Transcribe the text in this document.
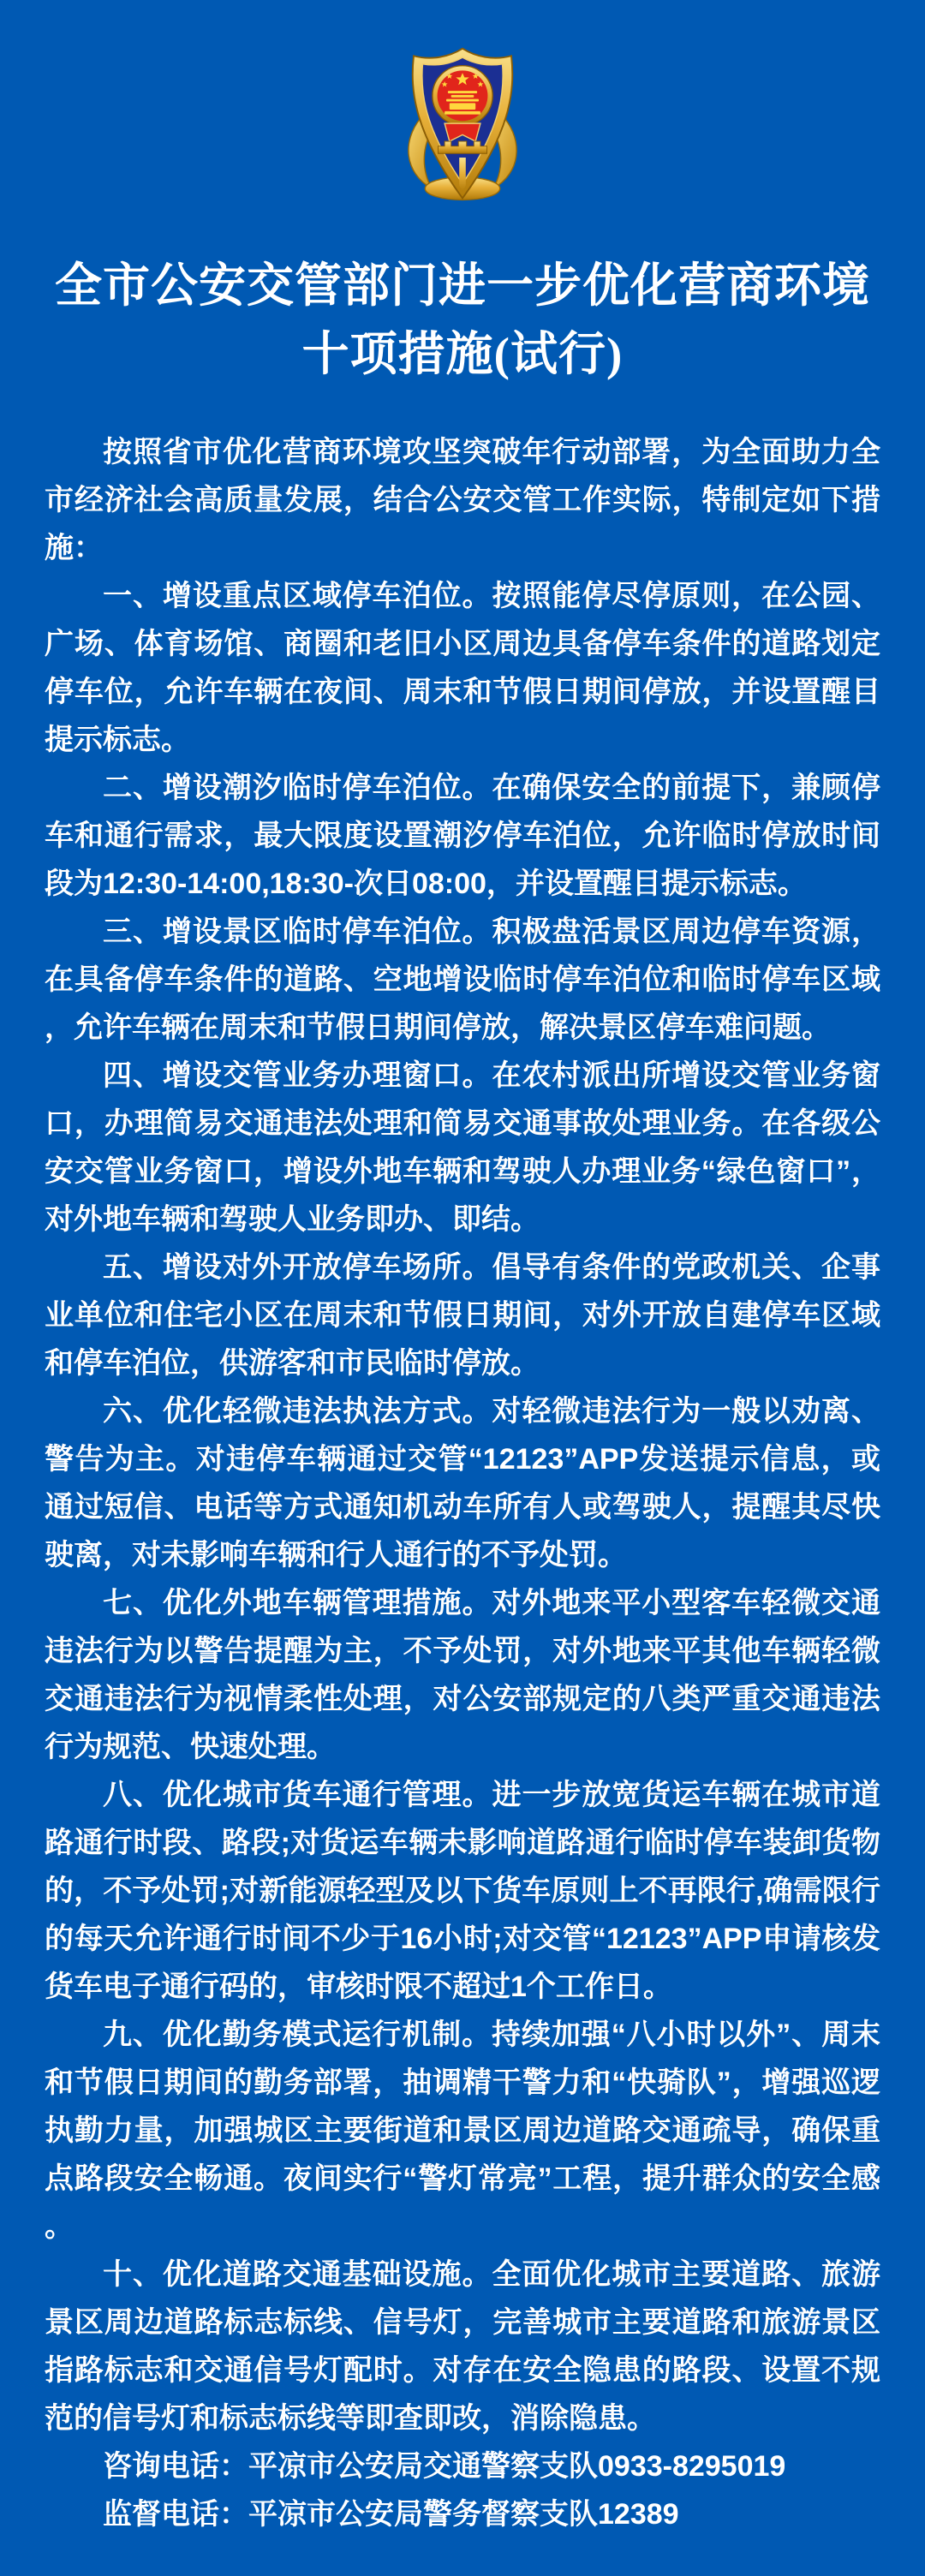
全市公安交管部门进一步优化营商环境
十项措施(试行)

按照省市优化营商环境攻坚突破年行动部署，为全面助力全市经济社会高质量发展，结合公安交管工作实际，特制定如下措施：

一、增设重点区域停车泊位。按照能停尽停原则，在公园、广场、体育场馆、商圈和老旧小区周边具备停车条件的道路划定停车位，允许车辆在夜间、周末和节假日期间停放，并设置醒目提示标志。

二、增设潮汐临时停车泊位。在确保安全的前提下，兼顾停车和通行需求，最大限度设置潮汐停车泊位，允许临时停放时间段为12:30-14:00,18:30-次日08:00，并设置醒目提示标志。

三、增设景区临时停车泊位。积极盘活景区周边停车资源，在具备停车条件的道路、空地增设临时停车泊位和临时停车区域，允许车辆在周末和节假日期间停放，解决景区停车难问题。

四、增设交管业务办理窗口。在农村派出所增设交管业务窗口，办理简易交通违法处理和简易交通事故处理业务。在各级公安交管业务窗口，增设外地车辆和驾驶人办理业务“绿色窗口”，对外地车辆和驾驶人业务即办、即结。

五、增设对外开放停车场所。倡导有条件的党政机关、企事业单位和住宅小区在周末和节假日期间，对外开放自建停车区域和停车泊位，供游客和市民临时停放。

六、优化轻微违法执法方式。对轻微违法行为一般以劝离、警告为主。对违停车辆通过交管“12123”APP发送提示信息，或通过短信、电话等方式通知机动车所有人或驾驶人，提醒其尽快驶离，对未影响车辆和行人通行的不予处罚。

七、优化外地车辆管理措施。对外地来平小型客车轻微交通违法行为以警告提醒为主，不予处罚，对外地来平其他车辆轻微交通违法行为视情柔性处理，对公安部规定的八类严重交通违法行为规范、快速处理。

八、优化城市货车通行管理。进一步放宽货运车辆在城市道路通行时段、路段;对货运车辆未影响道路通行临时停车装卸货物的，不予处罚;对新能源轻型及以下货车原则上不再限行,确需限行的每天允许通行时间不少于16小时;对交管“12123”APP申请核发货车电子通行码的，审核时限不超过1个工作日。

九、优化勤务模式运行机制。持续加强“八小时以外”、周末和节假日期间的勤务部署，抽调精干警力和“快骑队”，增强巡逻执勤力量，加强城区主要街道和景区周边道路交通疏导，确保重点路段安全畅通。夜间实行“警灯常亮”工程，提升群众的安全感。

十、优化道路交通基础设施。全面优化城市主要道路、旅游景区周边道路标志标线、信号灯，完善城市主要道路和旅游景区指路标志和交通信号灯配时。对存在安全隐患的路段、设置不规范的信号灯和标志标线等即查即改，消除隐患。

咨询电话：平凉市公安局交通警察支队0933-8295019

监督电话：平凉市公安局警务督察支队12389
